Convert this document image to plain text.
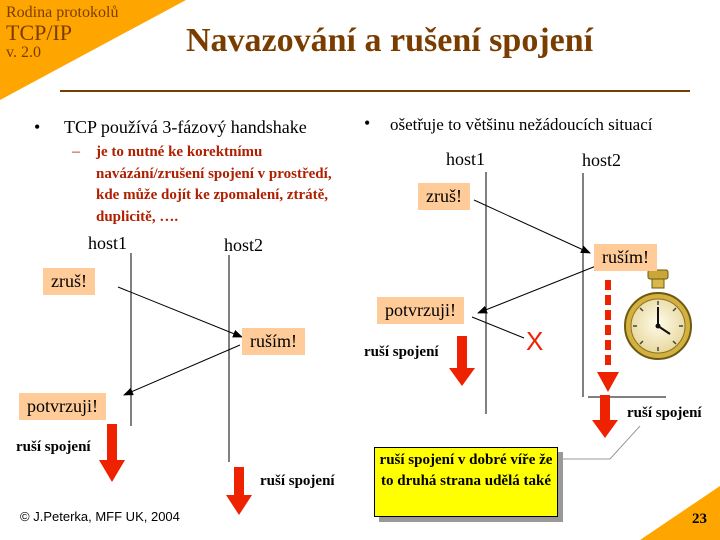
Rodina protokolů
TCP/IP
v. 2.0	Navazování a rušení spojení
• TCP používá 3-fázový handshake
– je to nutné ke korektnímu navázání/zrušení spojení v prostředí, kde může dojít ke zpomalení, ztrátě, duplicitě, ….
host1	host2
zruš!
ruším!
potvrzuji!
ruší spojení
ruší spojení
• ošetřuje to většinu nežádoucích situací
host1	host2
zruš!
ruším!
potvrzuji!
X
ruší spojení
ruší spojení
ruší spojení v dobré víře že to druhá strana udělá také
© J.Peterka, MFF UK, 2004	23
